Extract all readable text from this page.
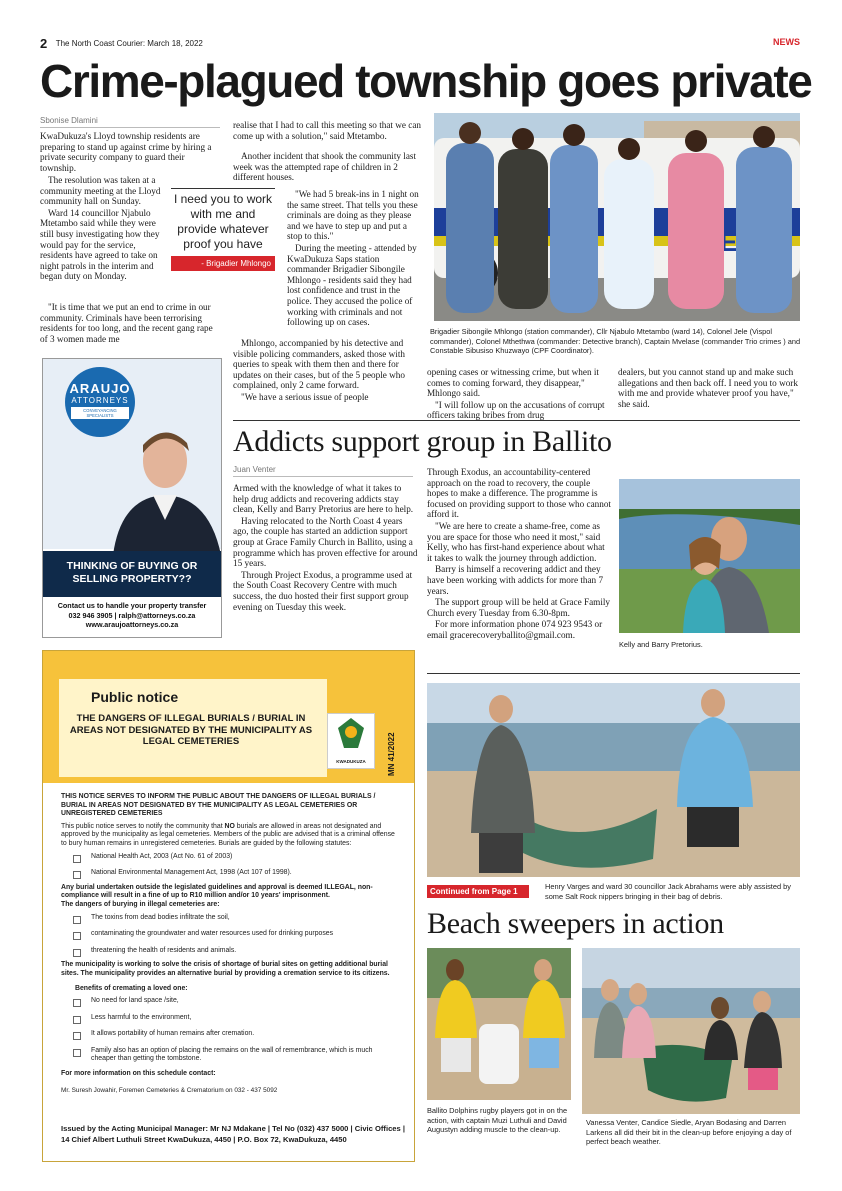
2 The North Coast Courier: March 18, 2022	NEWS
Crime-plagued township goes private
Sbonise Dlamini

KwaDukuza's Lloyd township residents are preparing to stand up against crime by hiring a private security company to guard their township.

The resolution was taken at a community meeting at the Lloyd community hall on Sunday.

Ward 14 councillor Njabulo Mtetambo said while they were still busy investigating how they would pay for the service, residents have agreed to take on night patrols in the interim and began duty on Monday.

"It is time that we put an end to crime in our community. Criminals have been terrorising residents for too long, and the recent gang rape of 3 women made me

I need you to work with me and provide whatever proof you have
- Brigadier Mhlongo

realise that I had to call this meeting so that we can come up with a solution," said Mtetambo.

Another incident that shook the community last week was the attempted rape of children in 2 different houses.

"We had 5 break-ins in 1 night on the same street. That tells you these criminals are doing as they please and we have to step up and put a stop to this."

During the meeting - attended by KwaDukuza Saps station commander Brigadier Sibongile Mhlongo - residents said they had lost confidence and trust in the police. They accused the police of working with criminals and not following up on cases.

Mhlongo, accompanied by his detective and visible policing commanders, asked those with queries to speak with them then and there for updates on their cases, but of the 5 people who complained, only 2 came forward.

"We have a serious issue of people

Brigadier Sibongile Mhlongo (station commander), Cllr Njabulo Mtetambo (ward 14), Colonel Jele (Vispol commander), Colonel Mthethwa (commander: Detective branch), Captain Mvelase (commander Trio crimes ) and Constable Sibusiso Khuzwayo (CPF Coordinator).

opening cases or witnessing crime, but when it comes to coming forward, they disappear," Mhlongo said.

"I will follow up on the accusations of corrupt officers taking bribes from drug

dealers, but you cannot stand up and make such allegations and then back off. I need you to work with me and provide whatever proof you have," she said.

ARAUJO
ATTORNEYS
CONVEYANCING SPECIALISTS
THINKING OF BUYING OR SELLING PROPERTY??
Contact us to handle your property transfer
032 946 3905 | ralph@attorneys.co.za
www.araujoattorneys.co.za
Addicts support group in Ballito
Juan Venter

Armed with the knowledge of what it takes to help drug addicts and recovering addicts stay clean, Kelly and Barry Pretorius are here to help.

Having relocated to the North Coast 4 years ago, the couple has started an addiction support group at Grace Family Church in Ballito, using a programme which has proven effective for around 15 years.

Through Project Exodus, a programme used at the South Coast Recovery Centre with much success, the duo hosted their first support group evening on Tuesday this week.

Through Exodus, an accountability-centered approach on the road to recovery, the couple hopes to make a difference. The programme is focused on providing support to those who cannot afford it.

"We are here to create a shame-free, come as you are space for those who need it most," said Kelly, who has first-hand experience about what it takes to walk the journey through addiction.

Barry is himself a recovering addict and they have been working with addicts for more than 7 years.

The support group will be held at Grace Family Church every Tuesday from 6.30-8pm.

For more information phone 074 923 9543 or email gracerecoveryballito@gmail.com.

Kelly and Barry Pretorius.
Public notice
THE DANGERS OF ILLEGAL BURIALS / BURIAL IN AREAS NOT DESIGNATED BY THE MUNICIPALITY AS LEGAL CEMETERIES
KWADUKUZA	MN 41/2022

THIS NOTICE SERVES TO INFORM THE PUBLIC ABOUT THE DANGERS OF ILLEGAL BURIALS / BURIAL IN AREAS NOT DESIGNATED BY THE MUNICIPALITY AS LEGAL CEMETERIES OR UNREGISTERED CEMETERIES

This public notice serves to notify the community that NO burials are allowed in areas not designated and approved by the municipality as legal cemeteries. Members of the public are advised that is a criminal offense to bury human remains in unregistered cemeteries. Burials are guided by the following statutes:

National Health Act, 2003 (Act No. 61 of 2003)
National Environmental Management Act, 1998 (Act 107 of 1998).

Any burial undertaken outside the legislated guidelines and approval is deemed ILLEGAL, non-compliance will result in a fine of up to R10 million and/or 10 years' imprisonment.

The dangers of burying in illegal cemeteries are:

The toxins from dead bodies infiltrate the soil,
contaminating the groundwater and water resources used for drinking purposes
threatening the health of residents and animals.

The municipality is working to solve the crisis of shortage of burial sites on getting additional burial sites. The municipality provides an alternative burial by providing a cremation service to its citizens.

Benefits of cremating a loved one:

No need for land space /site,
Less harmful to the environment,
It allows portability of human remains after cremation.
Family also has an option of placing the remains on the wall of remembrance, which is much cheaper than getting the tombstone.

For more information on this schedule contact:

Mr. Suresh Jowahir, Foremen Cemeteries & Crematorium on 032 - 437 5092

Issued by the Acting Municipal Manager: Mr NJ Mdakane | Tel No (032) 437 5000 | Civic Offices | 14 Chief Albert Luthuli Street KwaDukuza, 4450 | P.O. Box 72, KwaDukuza, 4450
Continued from Page 1
Henry Varges and ward 30 councillor Jack Abrahams were ably assisted by some Salt Rock nippers bringing in their bag of debris.
Beach sweepers in action
Ballito Dolphins rugby players got in on the action, with captain Muzi Luthuli and David Augustyn adding muscle to the clean-up.
Vanessa Venter, Candice Siedle, Aryan Bodasing and Darren Larkens all did their bit in the clean-up before enjoying a day of perfect beach weather.
